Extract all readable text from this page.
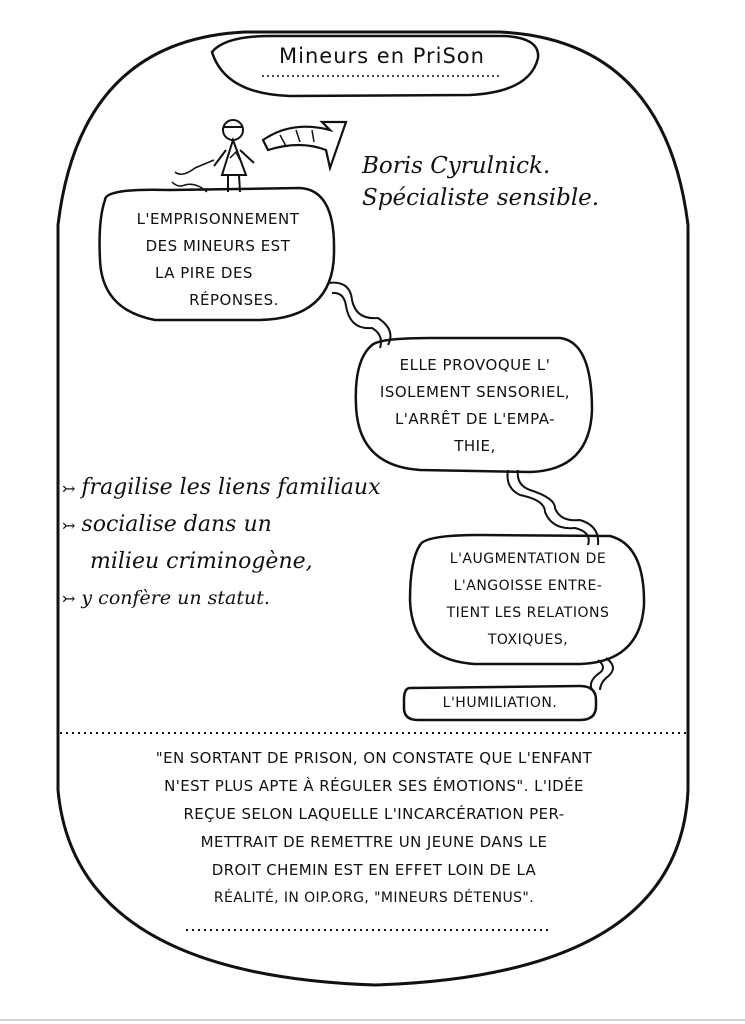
Mineurs en PriSon
Boris Cyrulnick.
Spécialiste sensible.
L'EMPRISONNEMENT
DES MINEURS EST
LA PIRE DES
RÉPONSES.
ELLE PROVOQUE L'
ISOLEMENT SENSORIEL,
L'ARRÊT DE L'EMPA-
THIE,
L'AUGMENTATION DE
L'ANGOISSE ENTRE-
TIENT LES RELATIONS
TOXIQUES,
L'HUMILIATION.
↣ fragilise les liens familiaux
↣ socialise dans un
milieu criminogène,
↣ y confère un statut.
"EN SORTANT DE PRISON, ON CONSTATE QUE L'ENFANT
N'EST PLUS APTE À RÉGULER SES ÉMOTIONS". L'IDÉE
REÇUE SELON LAQUELLE L'INCARCÉRATION PER-
METTRAIT DE REMETTRE UN JEUNE DANS LE
DROIT CHEMIN EST EN EFFET LOIN DE LA
RÉALITÉ, IN OIP.ORG, "MINEURS DÉTENUS".
